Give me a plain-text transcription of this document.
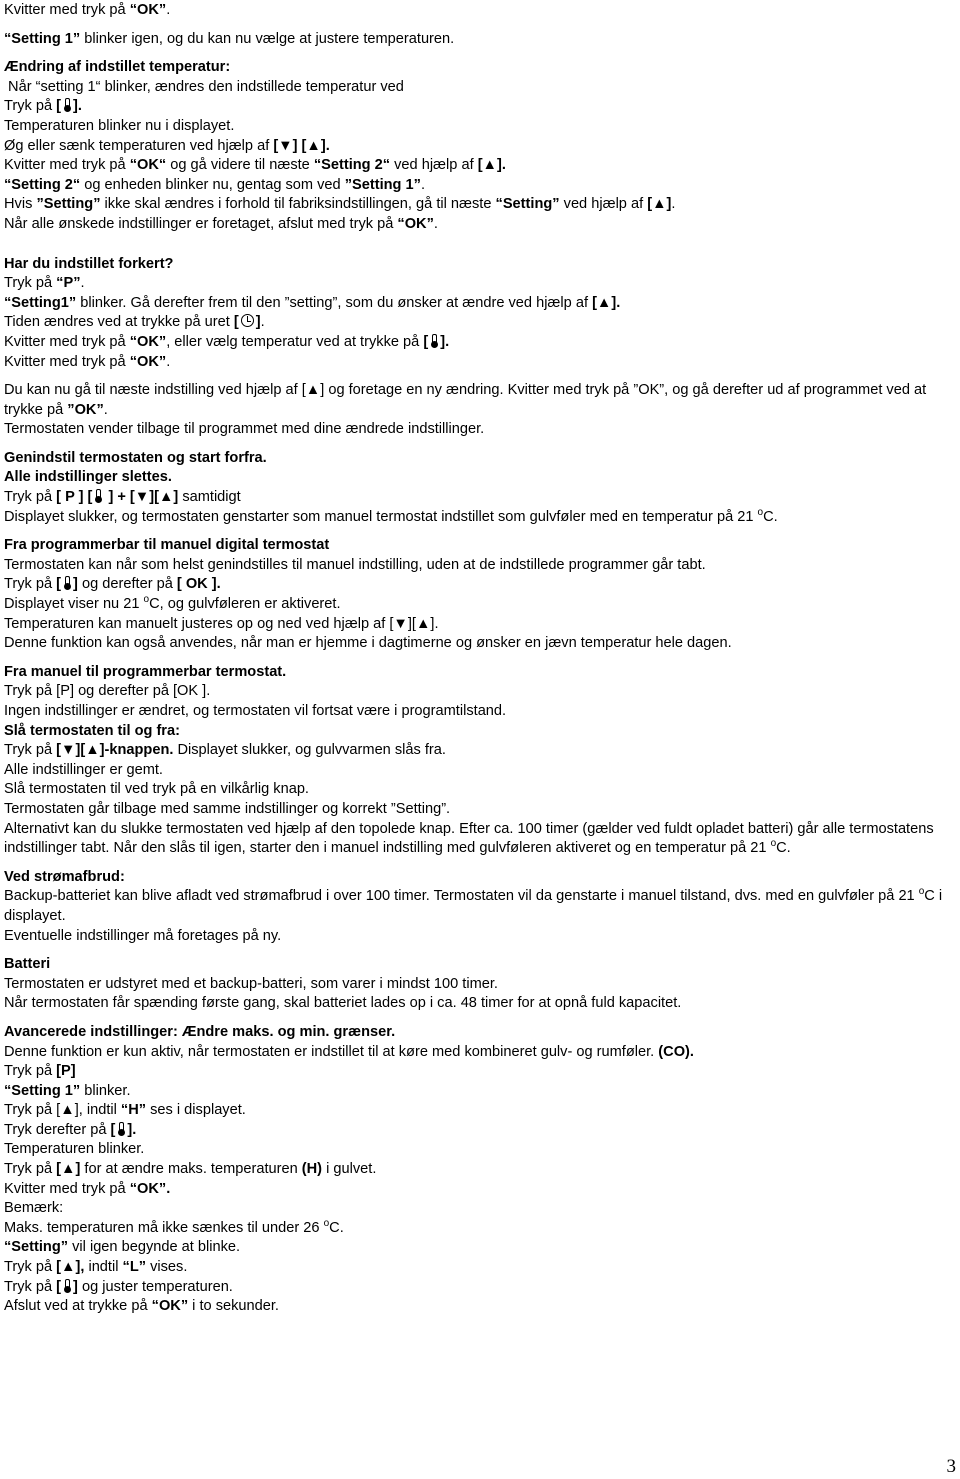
Kvitter med tryk på “OK”.
“Setting 1” blinker igen, og du kan nu vælge at justere temperaturen.
Ændring af indstillet temperatur:
Når “setting 1“ blinker, ændres den indstillede temperatur ved
Tryk på [ ].
Temperaturen blinker nu i displayet.
Øg eller sænk temperaturen ved hjælp af [▼] [▲].
Kvitter med tryk på “OK“ og gå videre til næste “Setting 2“ ved hjælp af [▲].
“Setting 2“ og enheden blinker nu, gentag som ved ”Setting 1”.
Hvis ”Setting” ikke skal ændres i forhold til fabriksindstillingen, gå til næste “Setting” ved hjælp af [▲].
Når alle ønskede indstillinger er foretaget, afslut med tryk på “OK”.
Har du indstillet forkert?
Tryk på “P”.
“Setting1” blinker. Gå derefter frem til den ”setting”, som du ønsker at ændre ved hjælp af [▲].
Tiden ændres ved at trykke på uret [ ].
Kvitter med tryk på “OK”, eller vælg temperatur ved at trykke på [ ].
Kvitter med tryk på “OK”.
Du kan nu gå til næste indstilling ved hjælp af [▲] og foretage en ny ændring. Kvitter med tryk på ”OK”, og gå derefter ud af programmet ved at trykke på ”OK”.
Termostaten vender tilbage til programmet med dine ændrede indstillinger.
Genindstil termostaten og start forfra.
Alle indstillinger slettes.
Tryk på [ P ] [ ] + [▼][▲] samtidigt
Displayet slukker, og termostaten genstarter som manuel termostat indstillet som gulvføler med en temperatur på 21 $^o$C.
Fra programmerbar til manuel digital termostat
Termostaten kan når som helst genindstilles til manuel indstilling, uden at de indstillede programmer går tabt.
Tryk på [ ] og derefter på [ OK ].
Displayet viser nu 21 $^o$C, og gulvføleren er aktiveret.
Temperaturen kan manuelt justeres op og ned ved hjælp af [▼][▲].
Denne funktion kan også anvendes, når man er hjemme i dagtimerne og ønsker en jævn temperatur hele dagen.
Fra manuel til programmerbar termostat.
Tryk på [P] og derefter på [OK ].
Ingen indstillinger er ændret, og termostaten vil fortsat være i programtilstand.
Slå termostaten til og fra:
Tryk på [▼][▲]-knappen. Displayet slukker, og gulvvarmen slås fra.
Alle indstillinger er gemt.
Slå termostaten til ved tryk på en vilkårlig knap.
Termostaten går tilbage med samme indstillinger og korrekt ”Setting”.
Alternativt kan du slukke termostaten ved hjælp af den topolede knap. Efter ca. 100 timer (gælder ved fuldt opladet batteri) går alle termostatens indstillinger tabt. Når den slås til igen, starter den i manuel indstilling med gulvføleren aktiveret og en temperatur på 21 $^o$C.
Ved strømafbrud:
Backup-batteriet kan blive afladt ved strømafbrud i over 100 timer. Termostaten vil da genstarte i manuel tilstand, dvs. med en gulvføler på 21 $^o$C i displayet.
Eventuelle indstillinger må foretages på ny.
Batteri
Termostaten er udstyret med et backup-batteri, som varer i mindst 100 timer.
Når termostaten får spænding første gang, skal batteriet lades op i ca. 48 timer for at opnå fuld kapacitet.
Avancerede indstillinger: Ændre maks. og min. grænser.
Denne funktion er kun aktiv, når termostaten er indstillet til at køre med kombineret gulv- og rumføler. (CO).
Tryk på [P]
“Setting 1” blinker.
Tryk på [▲], indtil “H” ses i displayet.
Tryk derefter på [ ].
Temperaturen blinker.
Tryk på [▲] for at ændre maks. temperaturen (H) i gulvet.
Kvitter med tryk på “OK”.
Bemærk:
Maks. temperaturen må ikke sænkes til under 26 $^o$C.
“Setting” vil igen begynde at blinke.
Tryk på [▲], indtil “L” vises.
Tryk på [ ] og juster temperaturen.
Afslut ved at trykke på “OK” i to sekunder.
3
